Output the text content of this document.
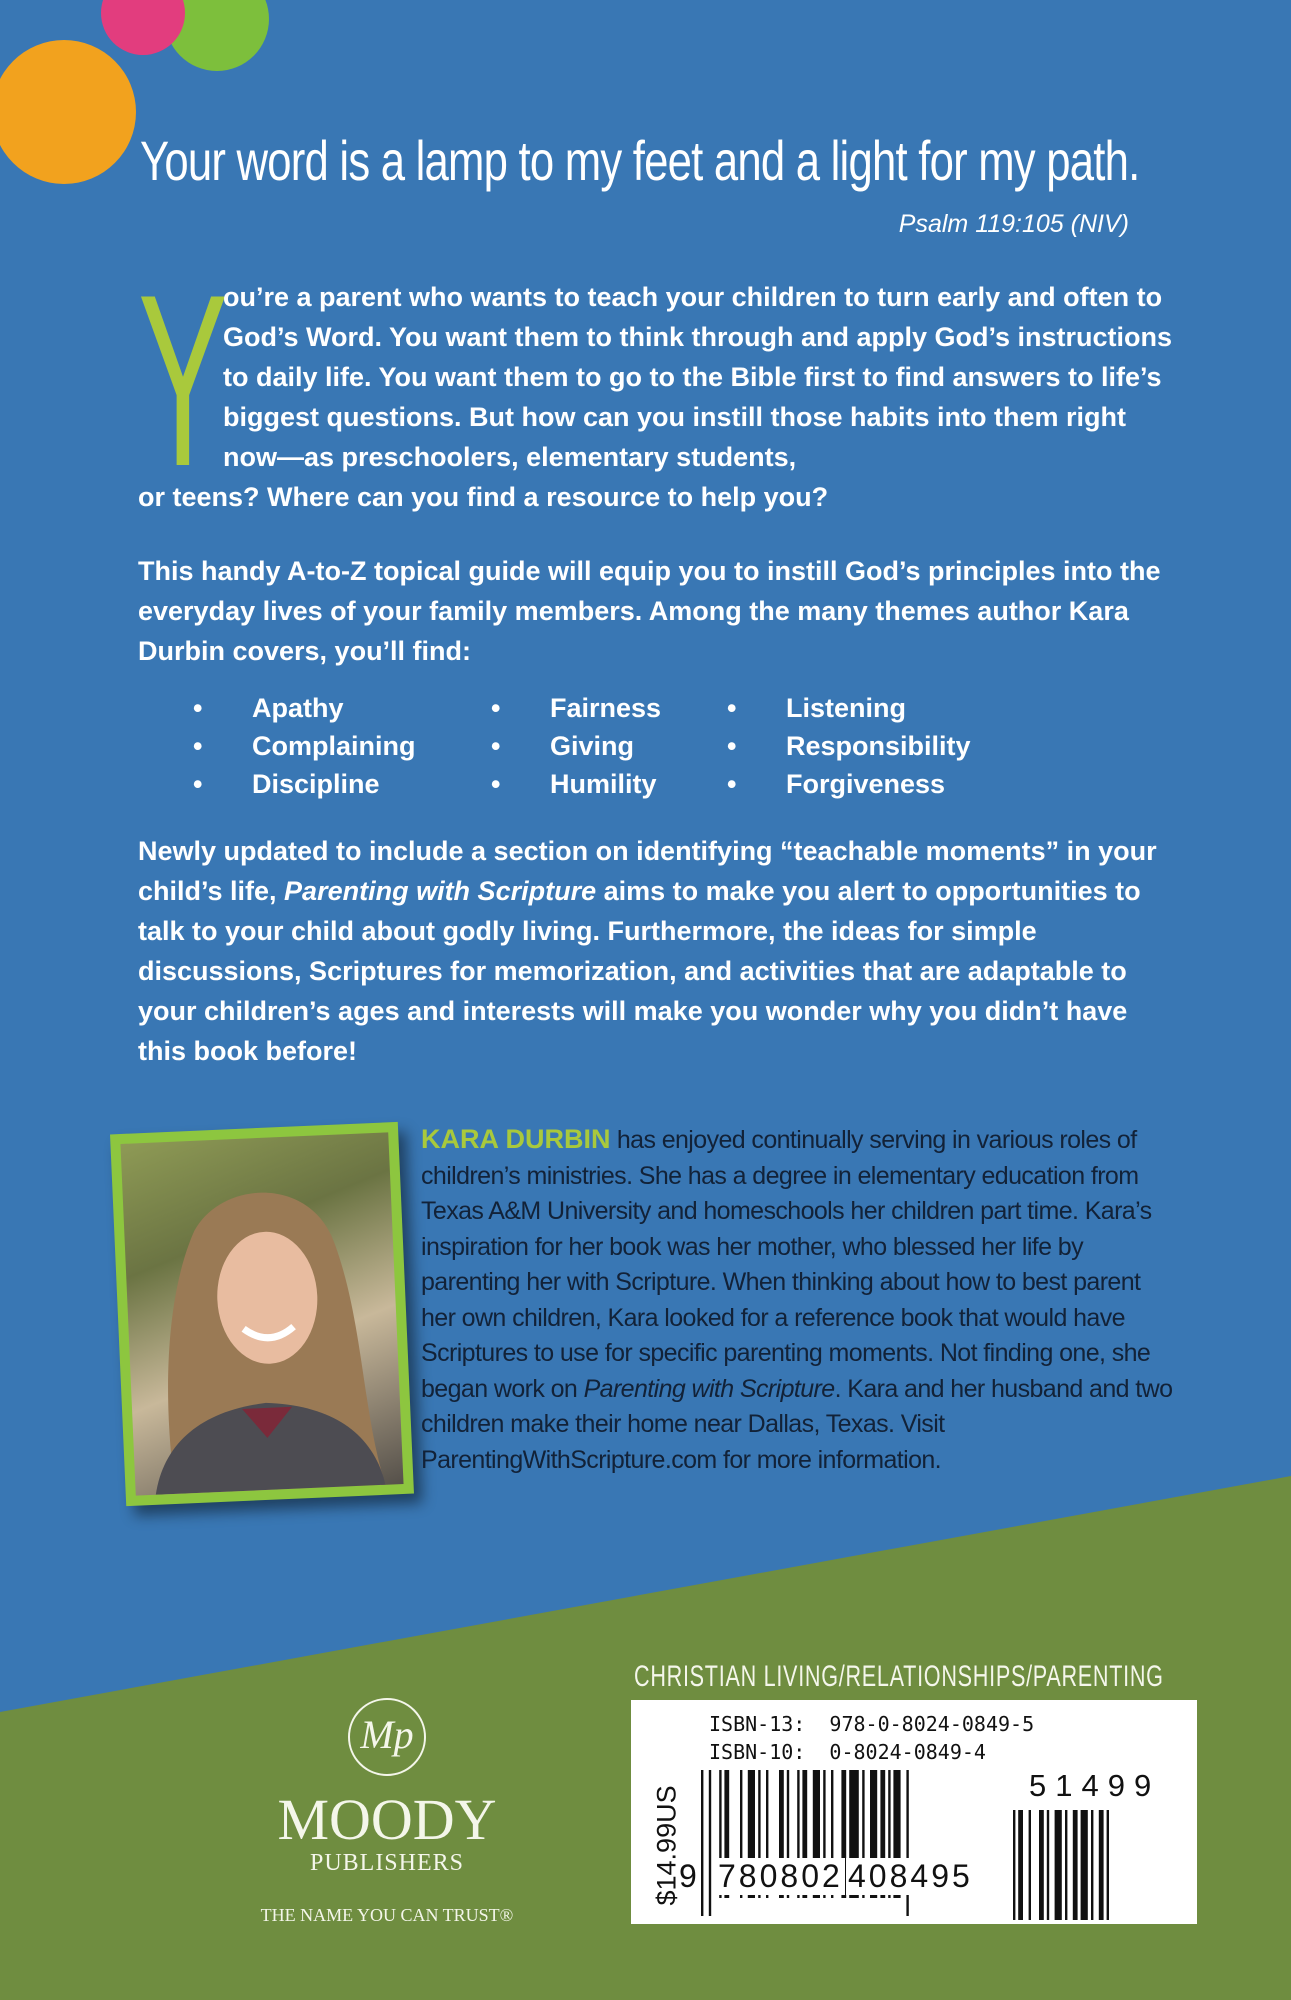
Your word is a lamp to my feet and a light for my path.
Psalm 119:105 (NIV)
Y
ou’re a parent who wants to teach your children to turn early and often to God’s Word. You want them to think through and apply God’s instructions to daily life. You want them to go to the Bible first to find answers to life’s biggest questions. But how can you instill those habits into them right now—as preschoolers, elementary students,
or teens? Where can you find a resource to help you?
This handy A-to-Z topical guide will equip you to instill God’s principles into the everyday lives of your family members. Among the many themes author Kara Durbin covers, you’ll find:
•
•
•
Apathy
Complaining
Discipline
•
•
•
Fairness
Giving
Humility
•
•
•
Listening
Responsibility
Forgiveness
Newly updated to include a section on identifying “teachable moments” in your child’s life, Parenting with Scripture aims to make you alert to opportunities to talk to your child about godly living. Furthermore, the ideas for simple discussions, Scriptures for memorization, and activities that are adaptable to your children’s ages and interests will make you wonder why you didn’t have this book before!
KARA DURBIN has enjoyed continually serving in various roles of children’s ministries. She has a degree in elementary education from Texas A&M University and homeschools her children part time. Kara’s inspiration for her book was her mother, who blessed her life by parenting her with Scripture. When thinking about how to best parent her own children, Kara looked for a reference book that would have Scriptures to use for specific parenting moments. Not finding one, she began work on Parenting with Scripture. Kara and her husband and two children make their home near Dallas, Texas. Visit ParentingWithScripture.com for more information.
CHRISTIAN LIVING/RELATIONSHIPS/PARENTING
ISBN-13:  978-0-8024-0849-5
ISBN-10:  0-8024-0849-4
$14.99US
9 780802 408495
51499
Mp
MOODY
PUBLISHERS
THE NAME YOU CAN TRUST®
